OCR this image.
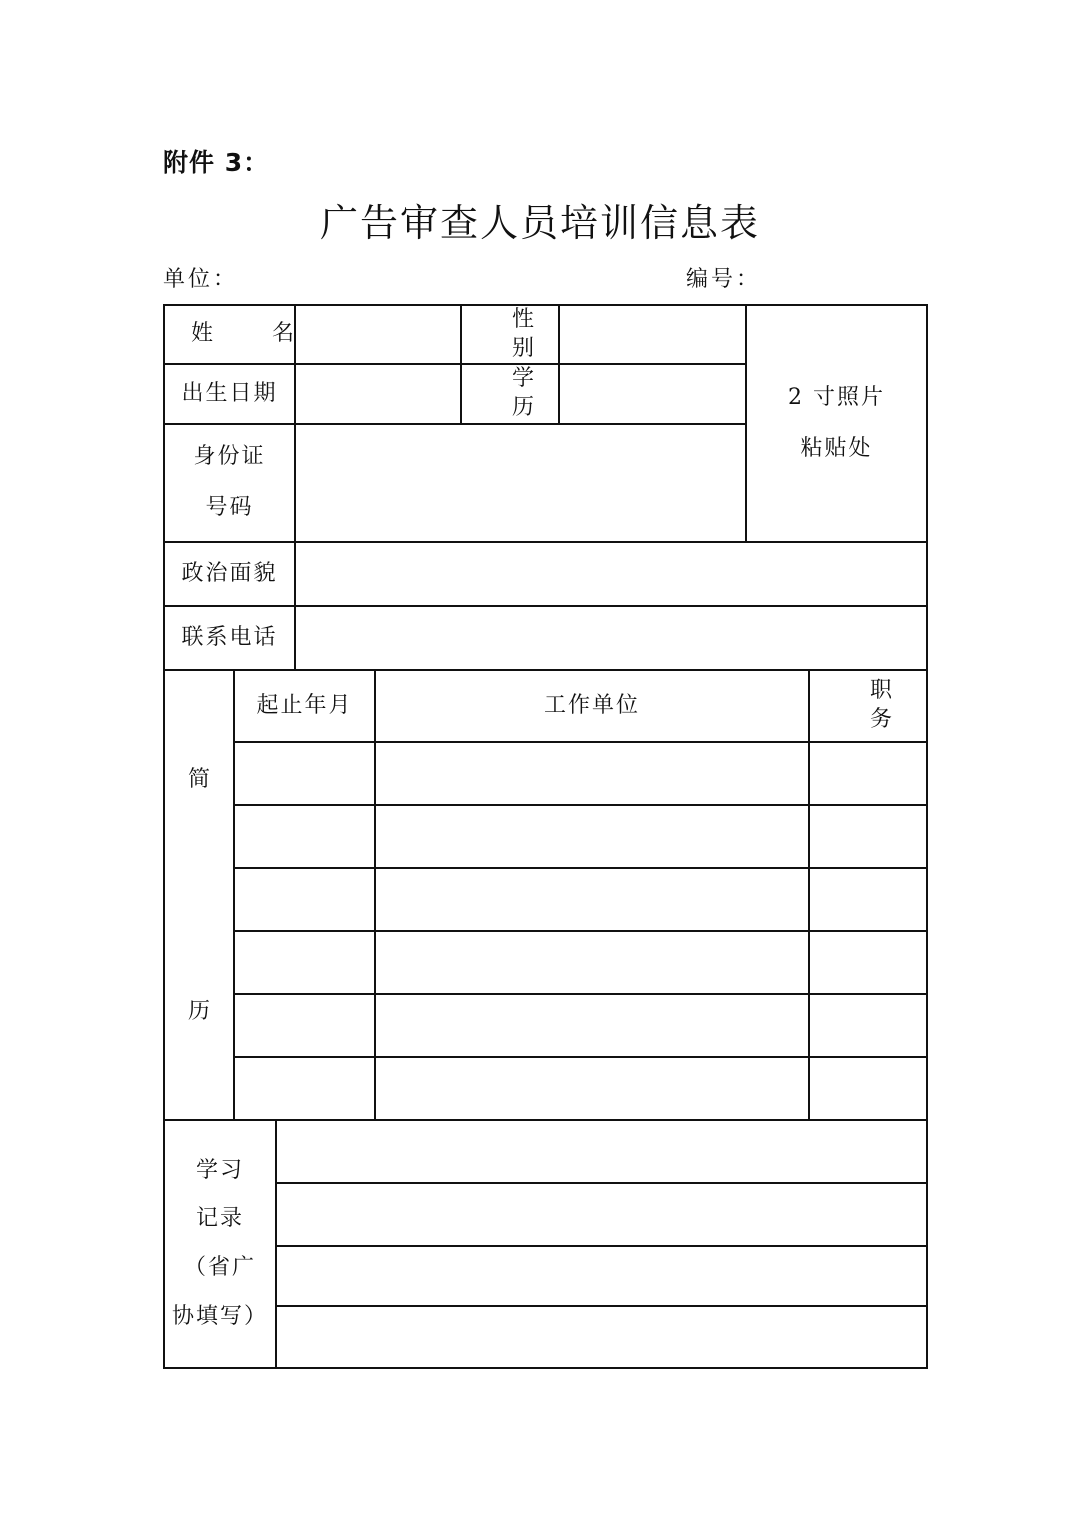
附件 3：
广告审查人员培训信息表
单位：	编号：
姓 名
性 别
出生日期
学 历
身份证
号码
2 寸照片
粘贴处
政治面貌
联系电话
简
历
起止年月	工作单位
职 务
学习
记录
（省广
协填写）
